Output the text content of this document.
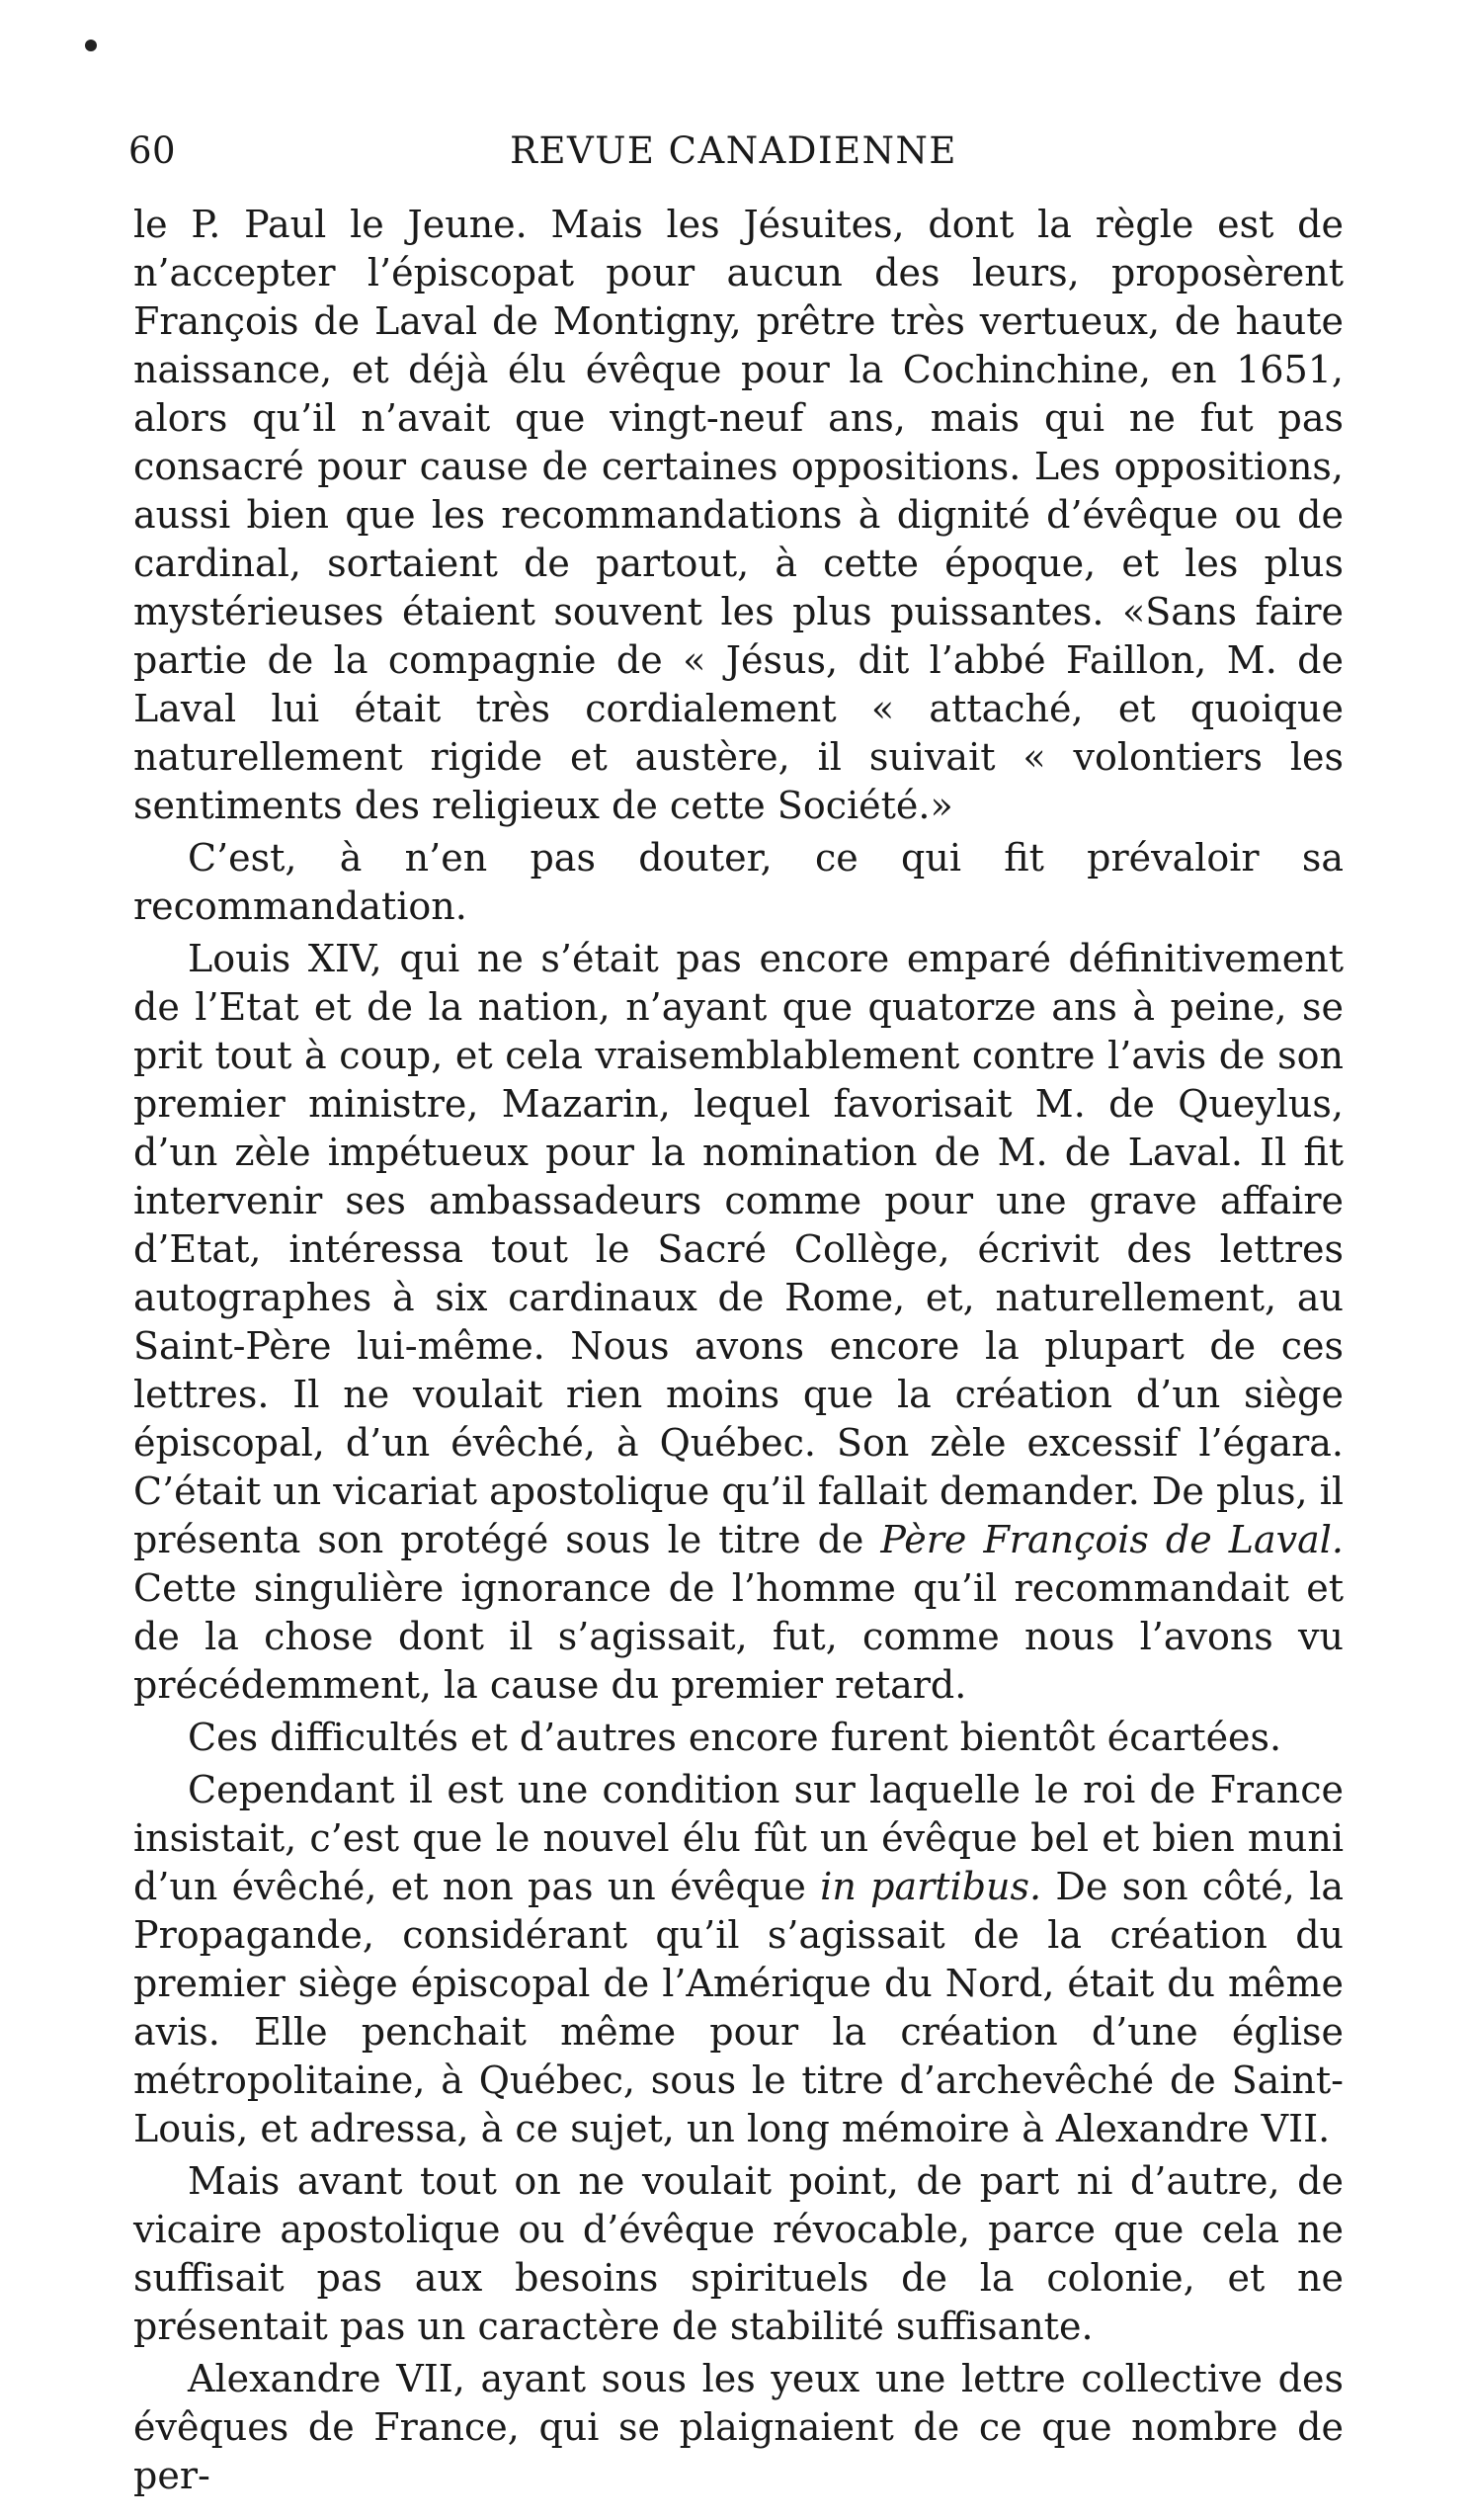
60	REVUE CANADIENNE

le P. Paul le Jeune. Mais les Jésuites, dont la règle est de n’accepter l’épiscopat pour aucun des leurs, proposèrent François de Laval de Montigny, prêtre très vertueux, de haute naissance, et déjà élu évêque pour la Cochinchine, en 1651, alors qu’il n’avait que vingt-neuf ans, mais qui ne fut pas consacré pour cause de certaines oppositions. Les oppositions, aussi bien que les recommandations à dignité d’évêque ou de cardinal, sortaient de partout, à cette époque, et les plus mystérieuses étaient souvent les plus puissantes. «Sans faire partie de la compagnie de « Jésus, dit l’abbé Faillon, M. de Laval lui était très cordialement « attaché, et quoique naturellement rigide et austère, il suivait « volontiers les sentiments des religieux de cette Société.»

C’est, à n’en pas douter, ce qui fit prévaloir sa recommandation.

Louis XIV, qui ne s’était pas encore emparé définitivement de l’Etat et de la nation, n’ayant que quatorze ans à peine, se prit tout à coup, et cela vraisemblablement contre l’avis de son premier ministre, Mazarin, lequel favorisait M. de Queylus, d’un zèle impétueux pour la nomination de M. de Laval. Il fit intervenir ses ambassadeurs comme pour une grave affaire d’Etat, intéressa tout le Sacré Collège, écrivit des lettres autographes à six cardinaux de Rome, et, naturellement, au Saint-Père lui-même. Nous avons encore la plupart de ces lettres. Il ne voulait rien moins que la création d’un siège épiscopal, d’un évêché, à Québec. Son zèle excessif l’égara. C’était un vicariat apostolique qu’il fallait demander. De plus, il présenta son protégé sous le titre de Père François de Laval. Cette singulière ignorance de l’homme qu’il recommandait et de la chose dont il s’agissait, fut, comme nous l’avons vu précédemment, la cause du premier retard.

Ces difficultés et d’autres encore furent bientôt écartées.

Cependant il est une condition sur laquelle le roi de France insistait, c’est que le nouvel élu fût un évêque bel et bien muni d’un évêché, et non pas un évêque in partibus. De son côté, la Propagande, considérant qu’il s’agissait de la création du premier siège épiscopal de l’Amérique du Nord, était du même avis. Elle penchait même pour la création d’une église métropolitaine, à Québec, sous le titre d’archevêché de Saint-Louis, et adressa, à ce sujet, un long mémoire à Alexandre VII.

Mais avant tout on ne voulait point, de part ni d’autre, de vicaire apostolique ou d’évêque révocable, parce que cela ne suffisait pas aux besoins spirituels de la colonie, et ne présentait pas un caractère de stabilité suffisante.

Alexandre VII, ayant sous les yeux une lettre collective des évêques de France, qui se plaignaient de ce que nombre de per-
